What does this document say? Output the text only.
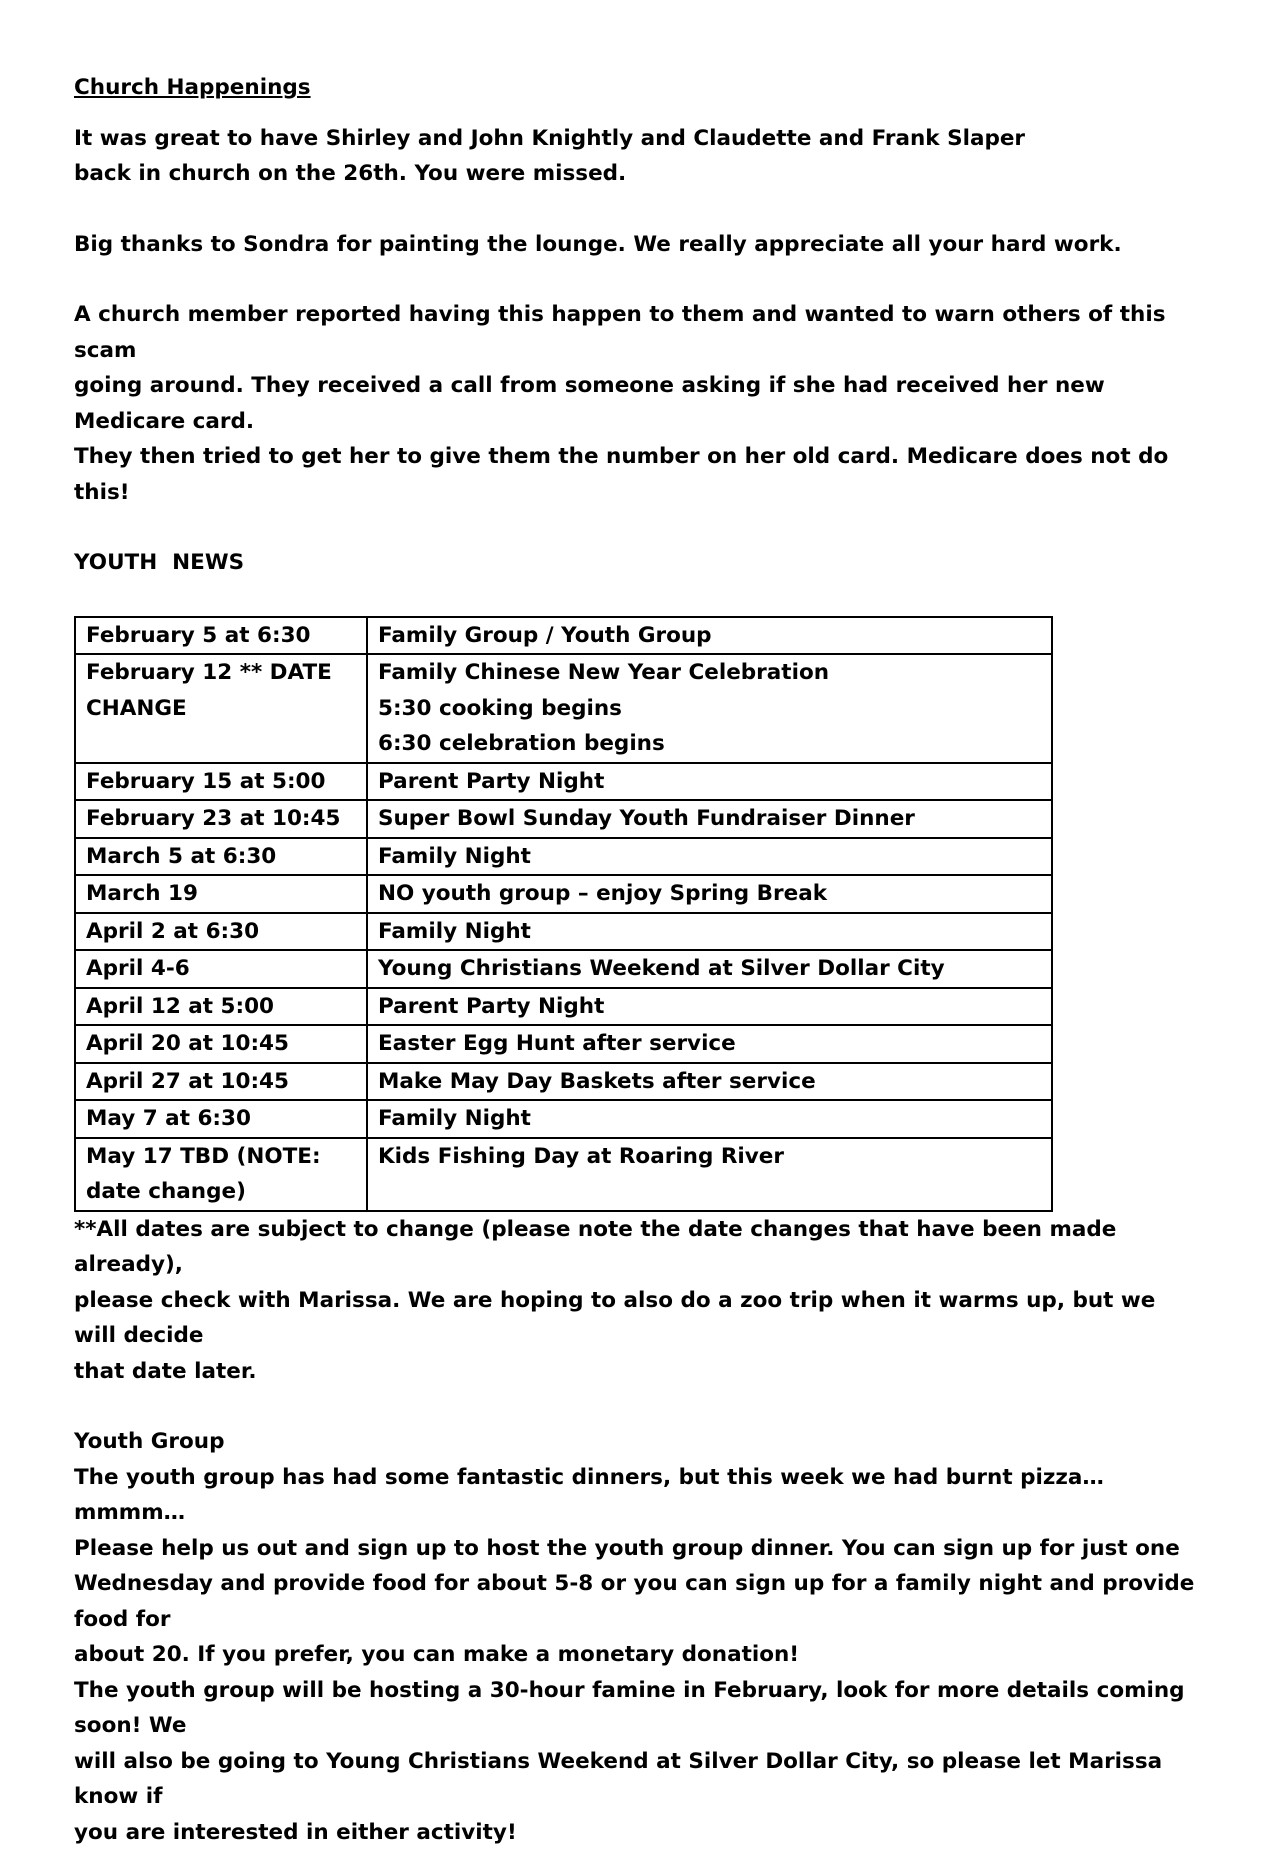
Church Happenings

It was great to have Shirley and John Knightly and Claudette and Frank Slaper
back in church on the 26th. You were missed.

Big thanks to Sondra for painting the lounge. We really appreciate all your hard work.

A church member reported having this happen to them and wanted to warn others of this scam
going around. They received a call from someone asking if she had received her new Medicare card.
They then tried to get her to give them the number on her old card. Medicare does not do this!

YOUTH  NEWS

February 5 at 6:30	Family Group / Youth Group

February 12 ** DATE
CHANGE	Family Chinese New Year Celebration
5:30 cooking begins
6:30 celebration begins

February 15 at 5:00	Parent Party Night

February 23 at 10:45	Super Bowl Sunday Youth Fundraiser Dinner

March 5 at 6:30	Family Night

March 19	NO youth group – enjoy Spring Break

April 2 at 6:30	Family Night

April 4-6	Young Christians Weekend at Silver Dollar City

April 12 at 5:00	Parent Party Night

April 20 at 10:45	Easter Egg Hunt after service

April 27 at 10:45	Make May Day Baskets after service

May 7 at 6:30	Family Night

May 17 TBD (NOTE:
date change)	Kids Fishing Day at Roaring River

**All dates are subject to change (please note the date changes that have been made already),
please check with Marissa. We are hoping to also do a zoo trip when it warms up, but we will decide
that date later.

Youth Group

The youth group has had some fantastic dinners, but this week we had burnt pizza…mmmm…
Please help us out and sign up to host the youth group dinner. You can sign up for just one
Wednesday and provide food for about 5-8 or you can sign up for a family night and provide food for
about 20. If you prefer, you can make a monetary donation!
The youth group will be hosting a 30-hour famine in February, look for more details coming soon! We
will also be going to Young Christians Weekend at Silver Dollar City, so please let Marissa know if
you are interested in either activity!
